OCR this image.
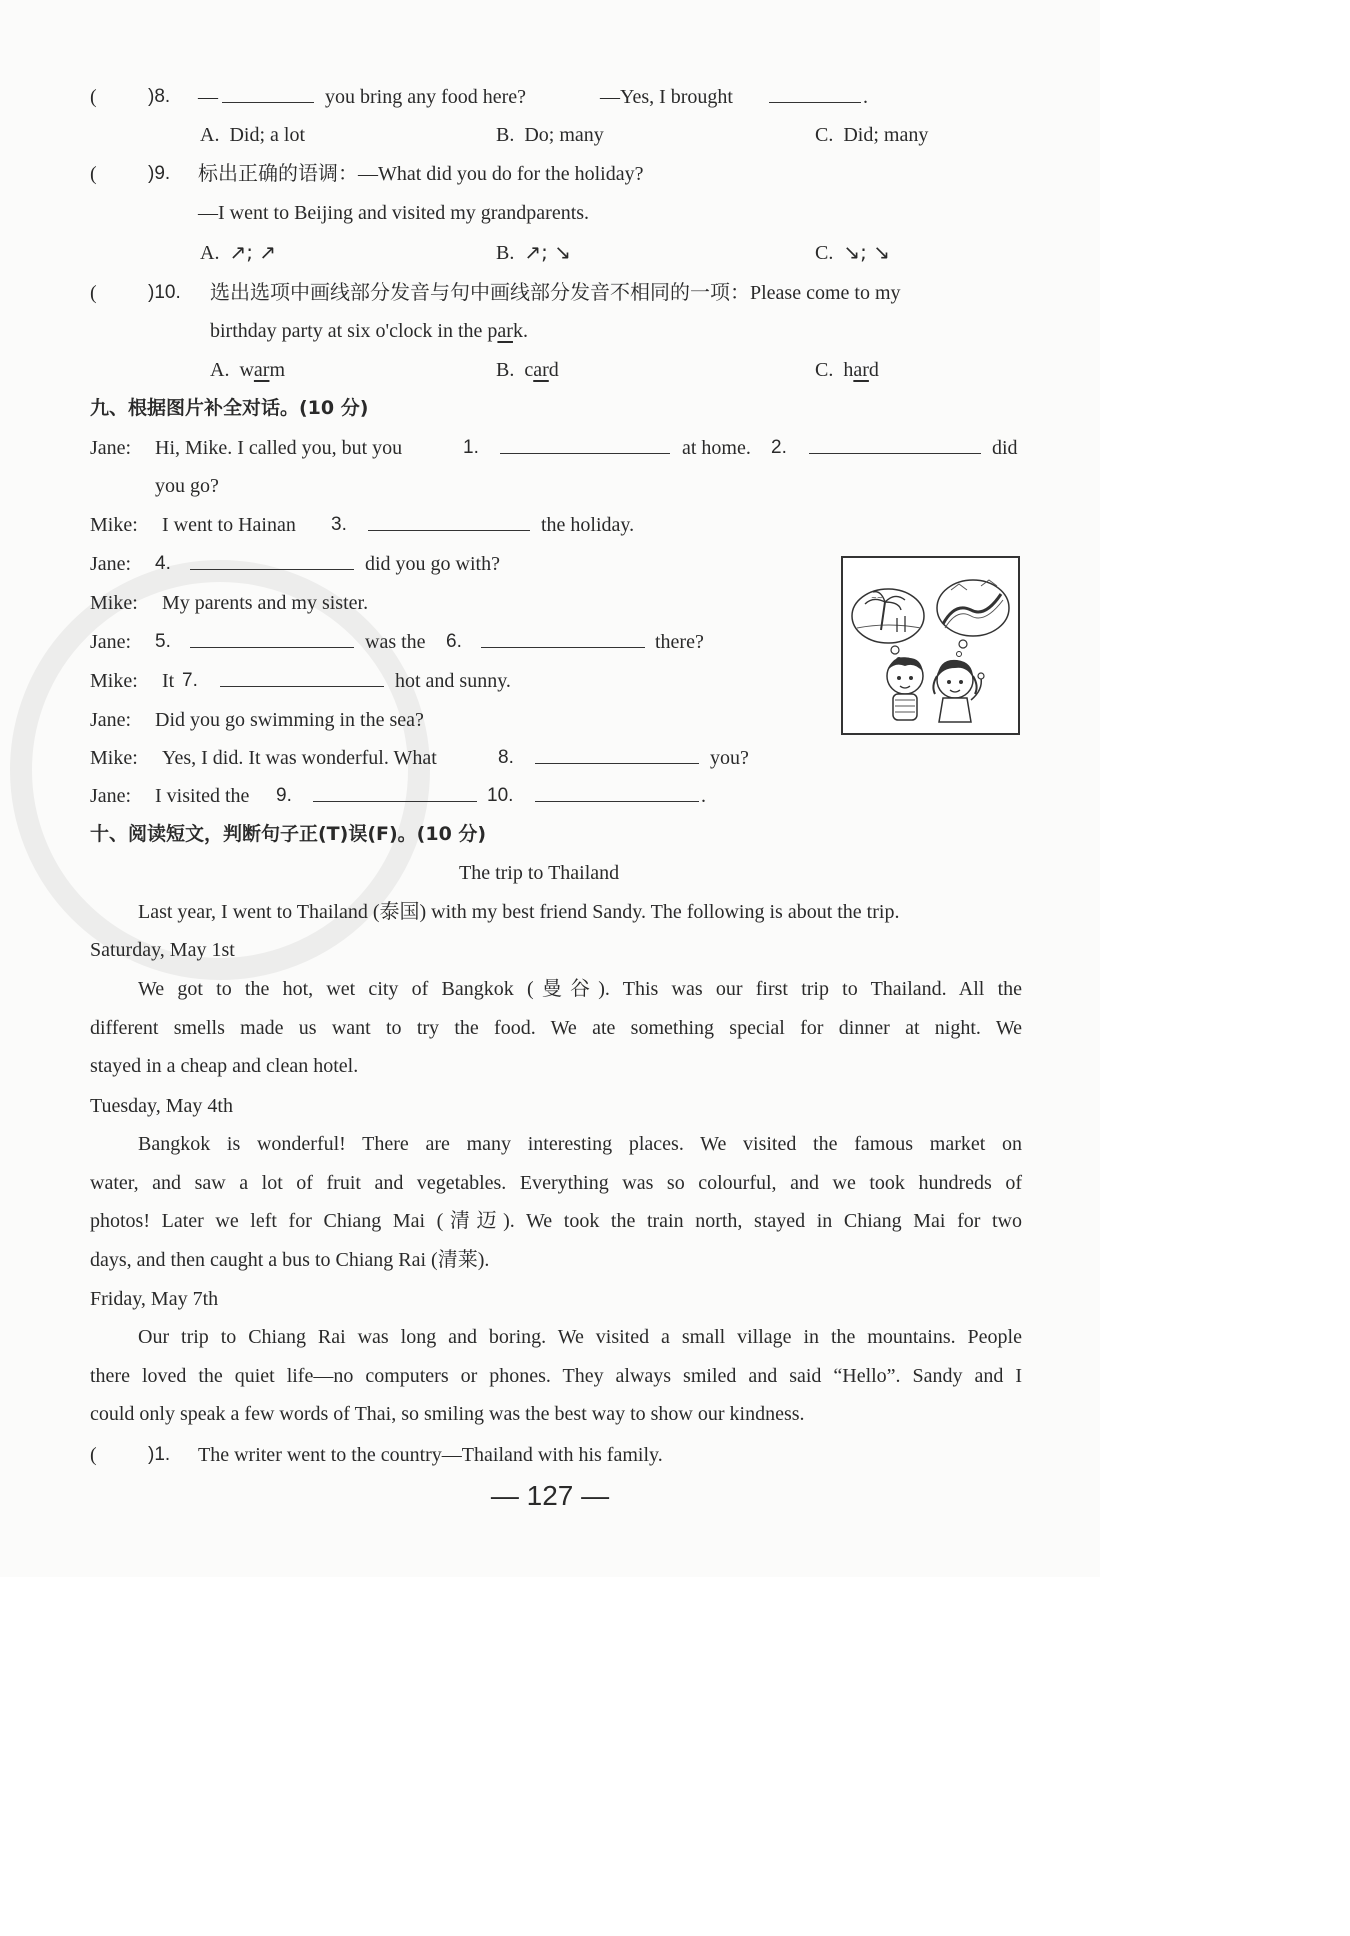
(	)8. —	you bring any food here?	—Yes, I brought	.
A. Did; a lot	B. Do; many	C. Did; many
(	)9. 标出正确的语调：—What did you do for the holiday?
—I went to Beijing and visited my grandparents.
A. ↗; ↗	B. ↗; ↘	C. ↘; ↘
(	)10. 选出选项中画线部分发音与句中画线部分发音不相同的一项：Please come to my
birthday party at six o'clock in the park.
A. warm	B. card	C. hard
九、根据图片补全对话。(10 分)
Jane: Hi, Mike. I called you, but you	1.	at home. 2.	did
you go?
Mike: I went to Hainan 3.	the holiday.
Jane: 4.	did you go with?
Mike: My parents and my sister.
Jane: 5.	was the 6.	there?
Mike: It 7.	hot and sunny.
Jane: Did you go swimming in the sea?
Mike: Yes, I did. It was wonderful. What	8.	you?
Jane: I visited the 9.	10.	.
~~
十、阅读短文，判断句子正(T)误(F)。(10 分)
The trip to Thailand
Last year, I went to Thailand (泰国) with my best friend Sandy. The following is about the trip.
Saturday, May 1st
We got to the hot, wet city of Bangkok (曼谷). This was our first trip to Thailand. All the
different smells made us want to try the food. We ate something special for dinner at night. We
stayed in a cheap and clean hotel.
Tuesday, May 4th
Bangkok is wonderful! There are many interesting places. We visited the famous market on
water, and saw a lot of fruit and vegetables. Everything was so colourful, and we took hundreds of
photos! Later we left for Chiang Mai (清迈). We took the train north, stayed in Chiang Mai for two
days, and then caught a bus to Chiang Rai (清莱).
Friday, May 7th
Our trip to Chiang Rai was long and boring. We visited a small village in the mountains. People
there loved the quiet life—no computers or phones. They always smiled and said “Hello”. Sandy and I
could only speak a few words of Thai, so smiling was the best way to show our kindness.
(	)1. The writer went to the country—Thailand with his family.
— 127 —
